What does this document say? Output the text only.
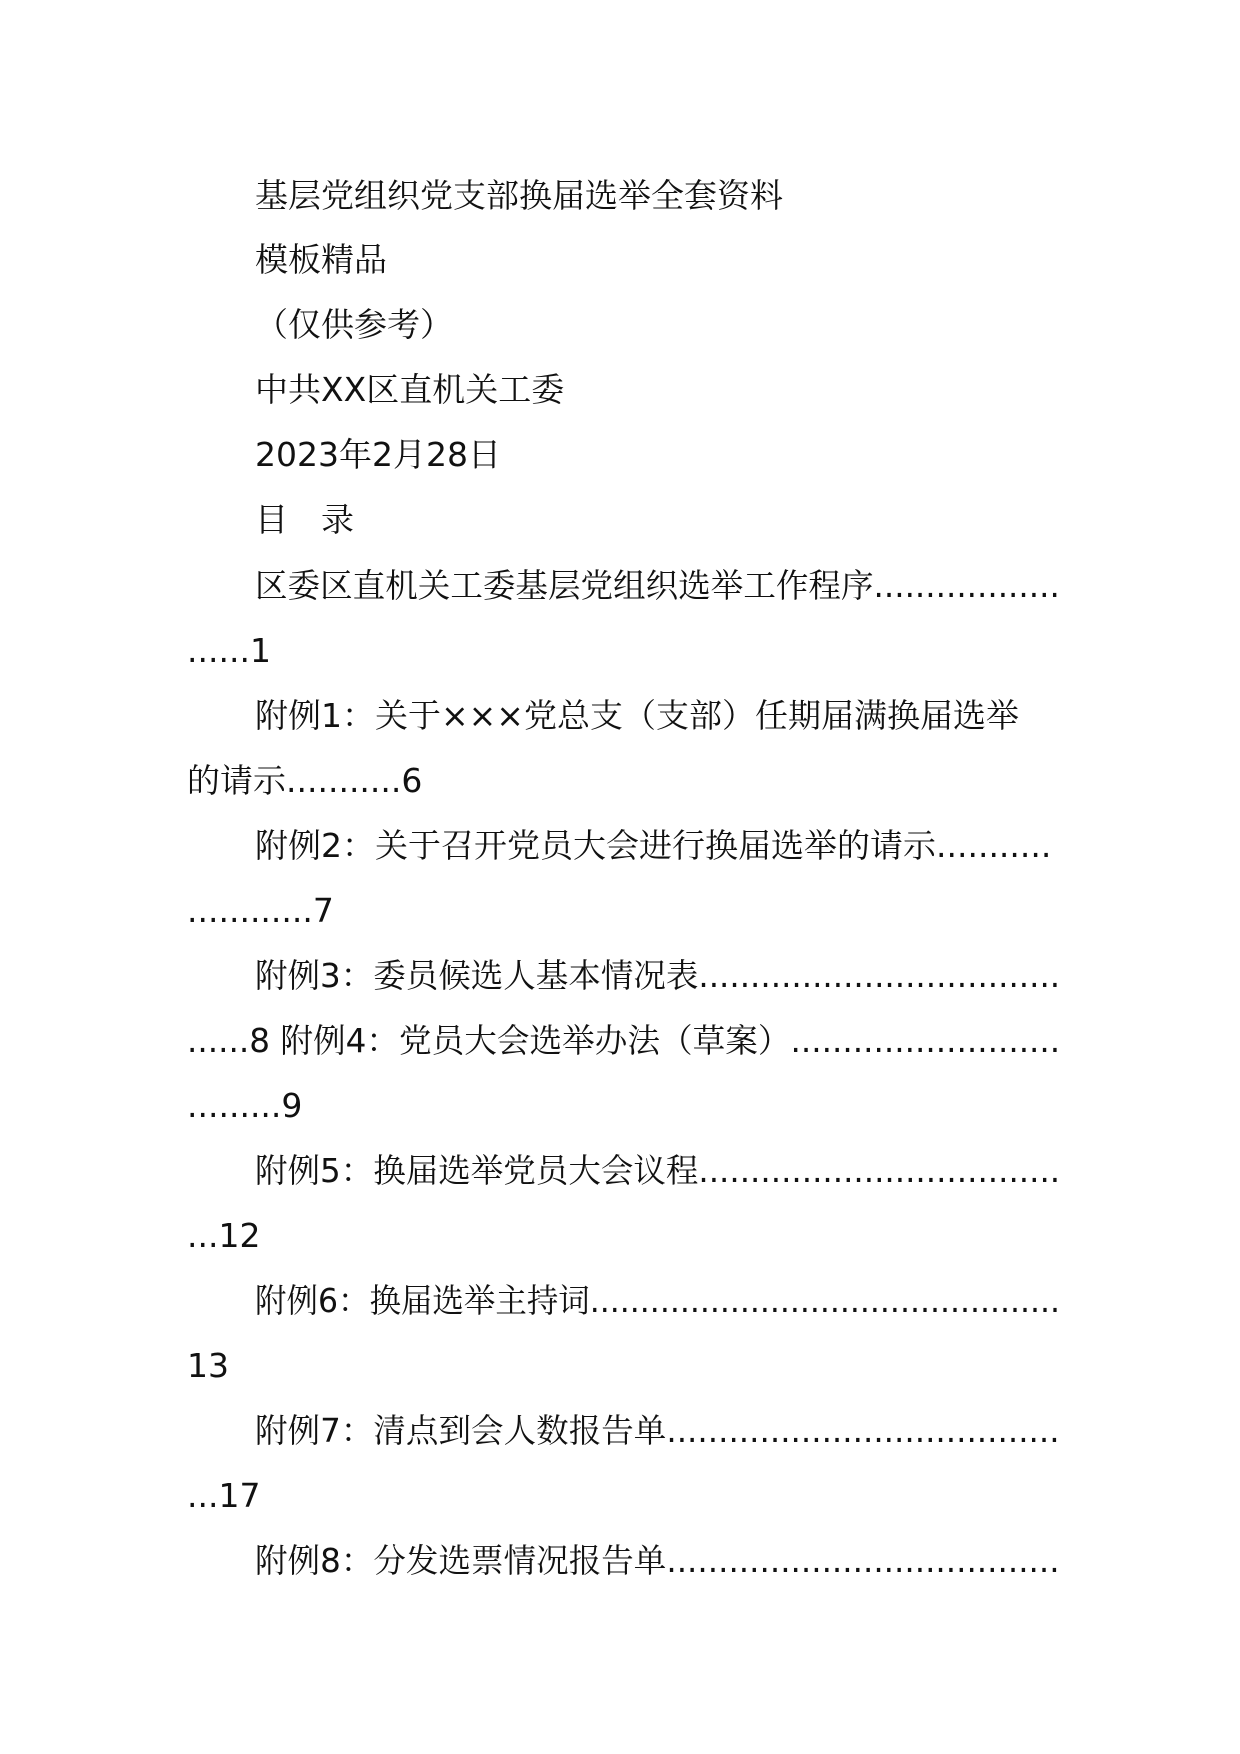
基层党组织党支部换届选举全套资料
模板精品
（仅供参考）
中共XX区直机关工委
2023年2月28日
目　录
区委区直机关工委基层党组织选举工作程序..................
......1
附例1：关于×××党总支（支部）任期届满换届选举
的请示...........6
附例2：关于召开党员大会进行换届选举的请示...........
............7
附例3：委员候选人基本情况表...................................
......8 附例4：党员大会选举办法（草案）..........................
.........9
附例5：换届选举党员大会议程...................................
...12
附例6：换届选举主持词...............................................
13
附例7：清点到会人数报告单......................................
...17
附例8：分发选票情况报告单......................................
